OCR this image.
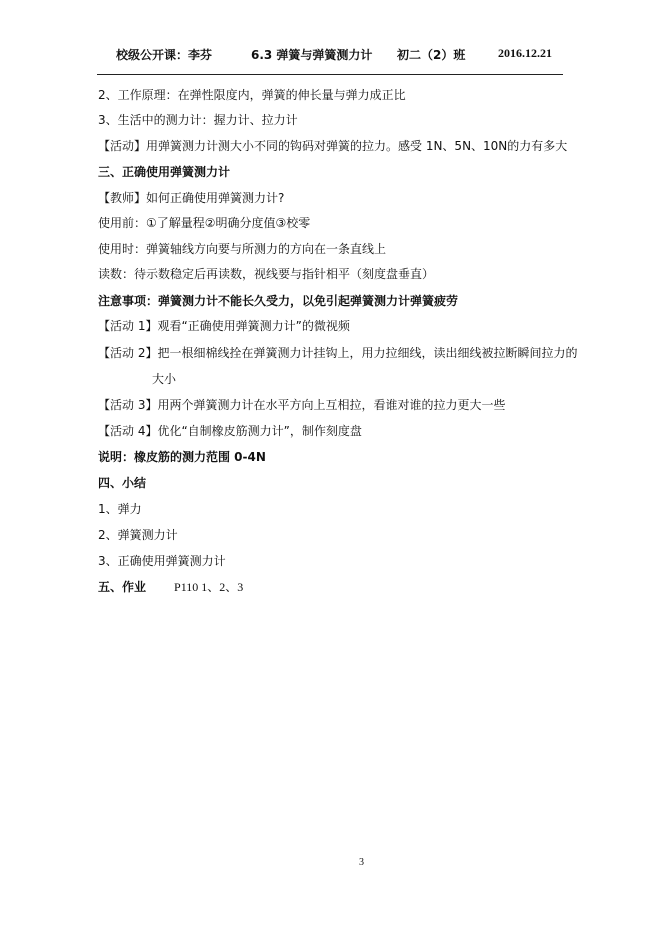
校级公开课：李芬	6.3 弹簧与弹簧测力计 初二（2）班	2016.12.21
2、工作原理：在弹性限度内，弹簧的伸长量与弹力成正比
3、生活中的测力计：握力计、拉力计
【活动】用弹簧测力计测大小不同的钩码对弹簧的拉力。感受 1N、5N、10N的力有多大
三、正确使用弹簧测力计
【教师】如何正确使用弹簧测力计?
使用前：①了解量程②明确分度值③校零
使用时：弹簧轴线方向要与所测力的方向在一条直线上
读数：待示数稳定后再读数，视线要与指针相平（刻度盘垂直）
注意事项：弹簧测力计不能长久受力，以免引起弹簧测力计弹簧疲劳
【活动 1】观看“正确使用弹簧测力计”的微视频
【活动 2】把一根细棉线拴在弹簧测力计挂钩上，用力拉细线，读出细线被拉断瞬间拉力的
大小
【活动 3】用两个弹簧测力计在水平方向上互相拉，看谁对谁的拉力更大一些
【活动 4】优化“自制橡皮筋测力计”，制作刻度盘
说明：橡皮筋的测力范围 0-4N
四、小结
1、弹力
2、弹簧测力计
3、正确使用弹簧测力计
五、作业 P110 1、2、3
3
